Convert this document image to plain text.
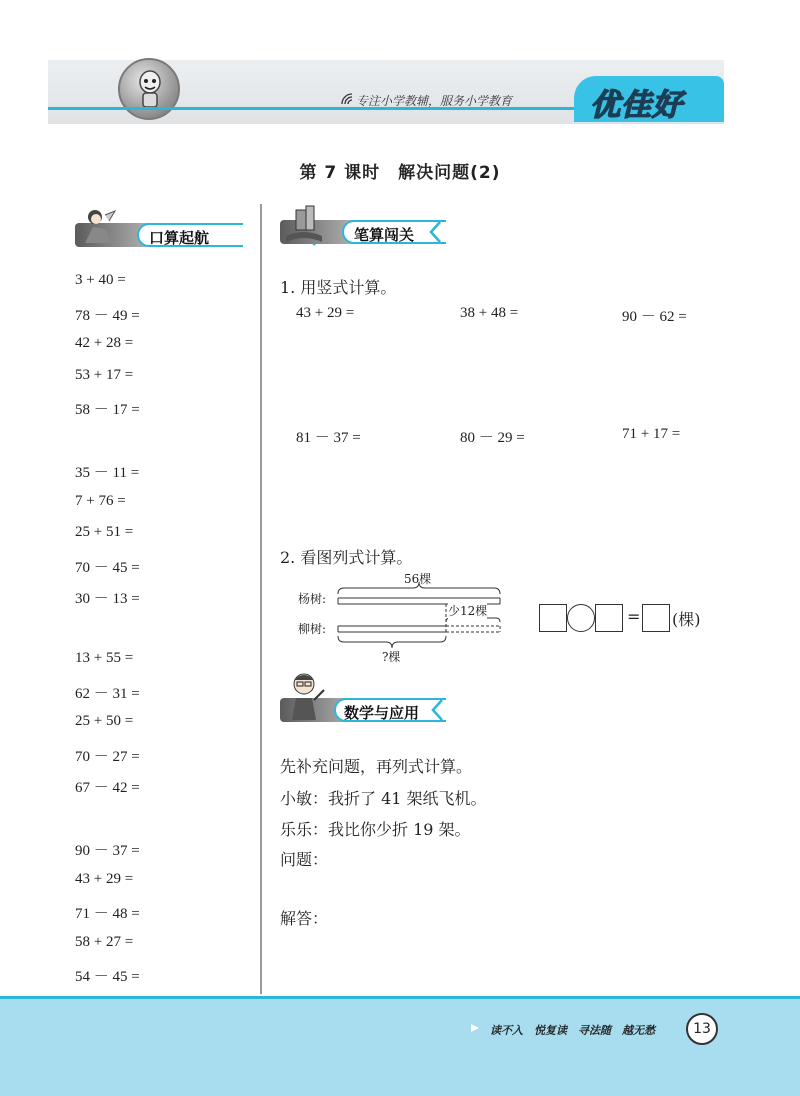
专注小学教辅，服务小学教育	优佳好
第 7 课时　解决问题(2)
口算起航
3 + 40 =
78 － 49 =
42 + 28 =
53 + 17 =
58 － 17 =
35 － 11 =
7 + 76 =
25 + 51 =
70 － 45 =
30 － 13 =
13 + 55 =
62 － 31 =
25 + 50 =
70 － 27 =
67 － 42 =
90 － 37 =
43 + 29 =
71 － 48 =
58 + 27 =
54 － 45 =
笔算闯关
1. 用竖式计算。
43 + 29 =	38 + 48 =	90 － 62 =
81 － 37 =	80 － 29 =	71 + 17 =
2. 看图列式计算。
杨树:
柳树:
56棵
少12棵
?棵
= (棵)
数学与应用
先补充问题，再列式计算。
小敏：我折了 41 架纸飞机。
乐乐：我比你少折 19 架。
问题：
解答：
读不入　悦复读　寻法随　越无愁	13
